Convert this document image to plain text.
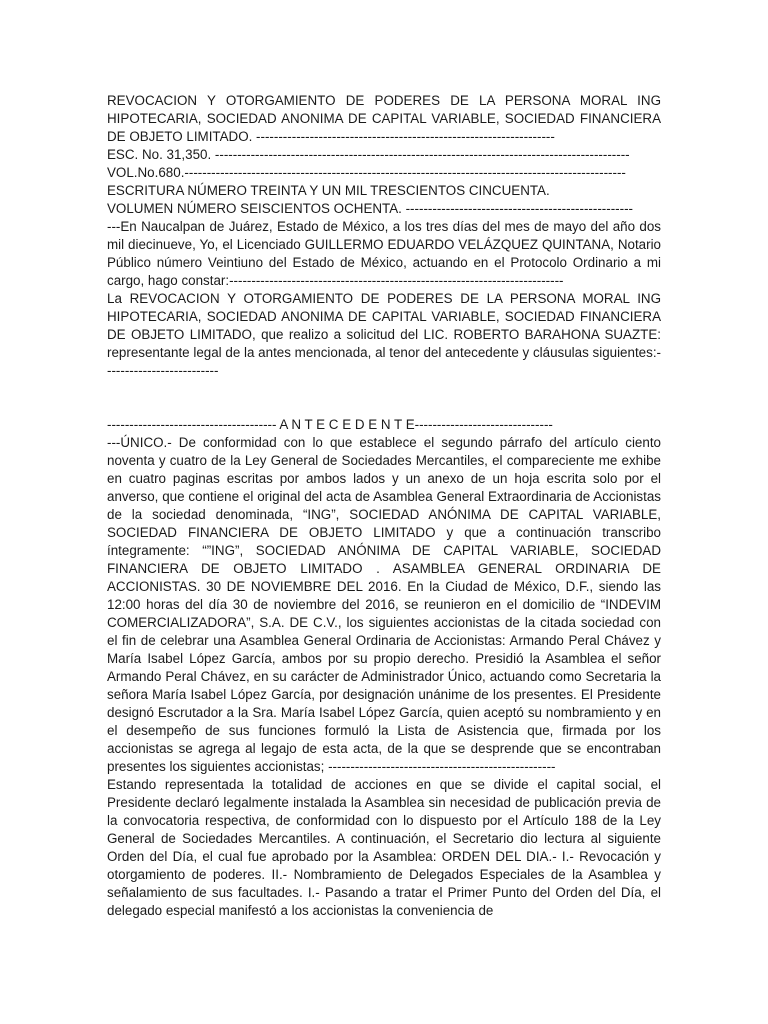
REVOCACION Y OTORGAMIENTO DE PODERES DE LA PERSONA MORAL ING HIPOTECARIA, SOCIEDAD ANONIMA DE CAPITAL VARIABLE, SOCIEDAD FINANCIERA DE OBJETO LIMITADO. -------------------------------------------------------------------

ESC. No. 31,350. ---------------------------------------------------------------------------------------------

VOL.No.680.---------------------------------------------------------------------------------------------------

ESCRITURA NÚMERO TREINTA Y UN MIL TRESCIENTOS CINCUENTA.

VOLUMEN NÚMERO SEISCIENTOS OCHENTA. ---------------------------------------------------

---En Naucalpan de Juárez, Estado de México, a los tres días del mes de mayo del año dos mil diecinueve, Yo, el Licenciado GUILLERMO EDUARDO VELÁZQUEZ QUINTANA, Notario Público número Veintiuno del Estado de México, actuando en el Protocolo Ordinario a mi cargo, hago constar:---------------------------------------------------------------------------

La REVOCACION Y OTORGAMIENTO DE PODERES DE LA PERSONA MORAL ING HIPOTECARIA, SOCIEDAD ANONIMA DE CAPITAL VARIABLE, SOCIEDAD FINANCIERA DE OBJETO LIMITADO, que realizo a solicitud del LIC. ROBERTO BARAHONA SUAZTE: representante legal de la antes mencionada, al tenor del antecedente y cláusulas siguientes:--------------------------

-------------------------------------- A N T E C E D E N T E-------------------------------

---ÚNICO.- De conformidad con lo que establece el segundo párrafo del artículo ciento noventa y cuatro de la Ley General de Sociedades Mercantiles, el compareciente me exhibe en cuatro paginas escritas por ambos lados y un anexo de un hoja escrita solo por el anverso, que contiene el original del acta de Asamblea General Extraordinaria de Accionistas de la sociedad denominada, “ING”, SOCIEDAD ANÓNIMA DE CAPITAL VARIABLE, SOCIEDAD FINANCIERA DE OBJETO LIMITADO y que a continuación transcribo íntegramente: “”ING”, SOCIEDAD ANÓNIMA DE CAPITAL VARIABLE, SOCIEDAD FINANCIERA DE OBJETO LIMITADO . ASAMBLEA GENERAL ORDINARIA DE ACCIONISTAS. 30 DE NOVIEMBRE DEL 2016. En la Ciudad de México, D.F., siendo las 12:00 horas del día 30 de noviembre del 2016, se reunieron en el domicilio de “INDEVIM COMERCIALIZADORA”, S.A. DE C.V., los siguientes accionistas de la citada sociedad con el fin de celebrar una Asamblea General Ordinaria de Accionistas: Armando Peral Chávez y María Isabel López García, ambos por su propio derecho. Presidió la Asamblea el señor Armando Peral Chávez, en su carácter de Administrador Único, actuando como Secretaria la señora María Isabel López García, por designación unánime de los presentes. El Presidente designó Escrutador a la Sra. María Isabel López García, quien aceptó su nombramiento y en el desempeño de sus funciones formuló la Lista de Asistencia que, firmada por los accionistas se agrega al legajo de esta acta, de la que se desprende que se encontraban presentes los siguientes accionistas; ---------------------------------------------------

Estando representada la totalidad de acciones en que se divide el capital social, el Presidente declaró legalmente instalada la Asamblea sin necesidad de publicación previa de la convocatoria respectiva, de conformidad con lo dispuesto por el Artículo 188 de la Ley General de Sociedades Mercantiles. A continuación, el Secretario dio lectura al siguiente Orden del Día, el cual fue aprobado por la Asamblea: ORDEN DEL DIA.- I.- Revocación y otorgamiento de poderes. II.- Nombramiento de Delegados Especiales de la Asamblea y señalamiento de sus facultades. I.- Pasando a tratar el Primer Punto del Orden del Día, el delegado especial manifestó a los accionistas la conveniencia de
